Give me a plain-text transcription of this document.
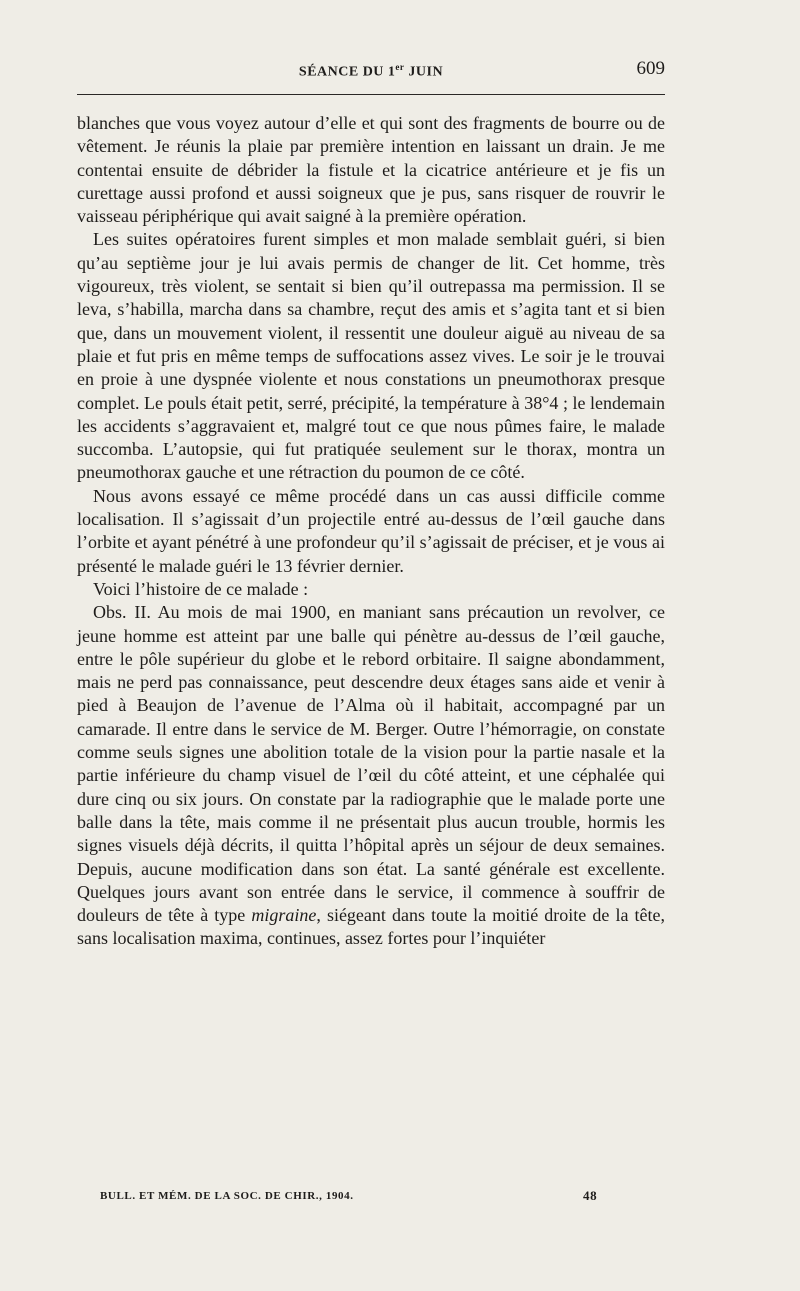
SÉANCE DU 1er JUIN	609

blanches que vous voyez autour d’elle et qui sont des fragments de bourre ou de vêtement. Je réunis la plaie par première intention en laissant un drain. Je me contentai ensuite de débrider la fistule et la cicatrice antérieure et je fis un curettage aussi profond et aussi soigneux que je pus, sans risquer de rouvrir le vaisseau périphérique qui avait saigné à la première opération.

Les suites opératoires furent simples et mon malade semblait guéri, si bien qu’au septième jour je lui avais permis de changer de lit. Cet homme, très vigoureux, très violent, se sentait si bien qu’il outrepassa ma permission. Il se leva, s’habilla, marcha dans sa chambre, reçut des amis et s’agita tant et si bien que, dans un mouvement violent, il ressentit une douleur aiguë au niveau de sa plaie et fut pris en même temps de suffocations assez vives. Le soir je le trouvai en proie à une dyspnée violente et nous constations un pneumothorax presque complet. Le pouls était petit, serré, précipité, la température à 38°4 ; le lendemain les accidents s’aggravaient et, malgré tout ce que nous pûmes faire, le malade succomba. L’autopsie, qui fut pratiquée seulement sur le thorax, montra un pneumothorax gauche et une rétraction du poumon de ce côté.

Nous avons essayé ce même procédé dans un cas aussi difficile comme localisation. Il s’agissait d’un projectile entré au-dessus de l’œil gauche dans l’orbite et ayant pénétré à une profondeur qu’il s’agissait de préciser, et je vous ai présenté le malade guéri le 13 février dernier.

Voici l’histoire de ce malade :

Obs. II. Au mois de mai 1900, en maniant sans précaution un revolver, ce jeune homme est atteint par une balle qui pénètre au-dessus de l’œil gauche, entre le pôle supérieur du globe et le rebord orbitaire. Il saigne abondamment, mais ne perd pas connaissance, peut descendre deux étages sans aide et venir à pied à Beaujon de l’avenue de l’Alma où il habitait, accompagné par un camarade. Il entre dans le service de M. Berger. Outre l’hémorragie, on constate comme seuls signes une abolition totale de la vision pour la partie nasale et la partie inférieure du champ visuel de l’œil du côté atteint, et une céphalée qui dure cinq ou six jours. On constate par la radiographie que le malade porte une balle dans la tête, mais comme il ne présentait plus aucun trouble, hormis les signes visuels déjà décrits, il quitta l’hôpital après un séjour de deux semaines. Depuis, aucune modification dans son état. La santé générale est excellente. Quelques jours avant son entrée dans le service, il commence à souffrir de douleurs de tête à type migraine, siégeant dans toute la moitié droite de la tête, sans localisation maxima, continues, assez fortes pour l’inquiéter

BULL. ET MÉM. DE LA SOC. DE CHIR., 1904.	48
